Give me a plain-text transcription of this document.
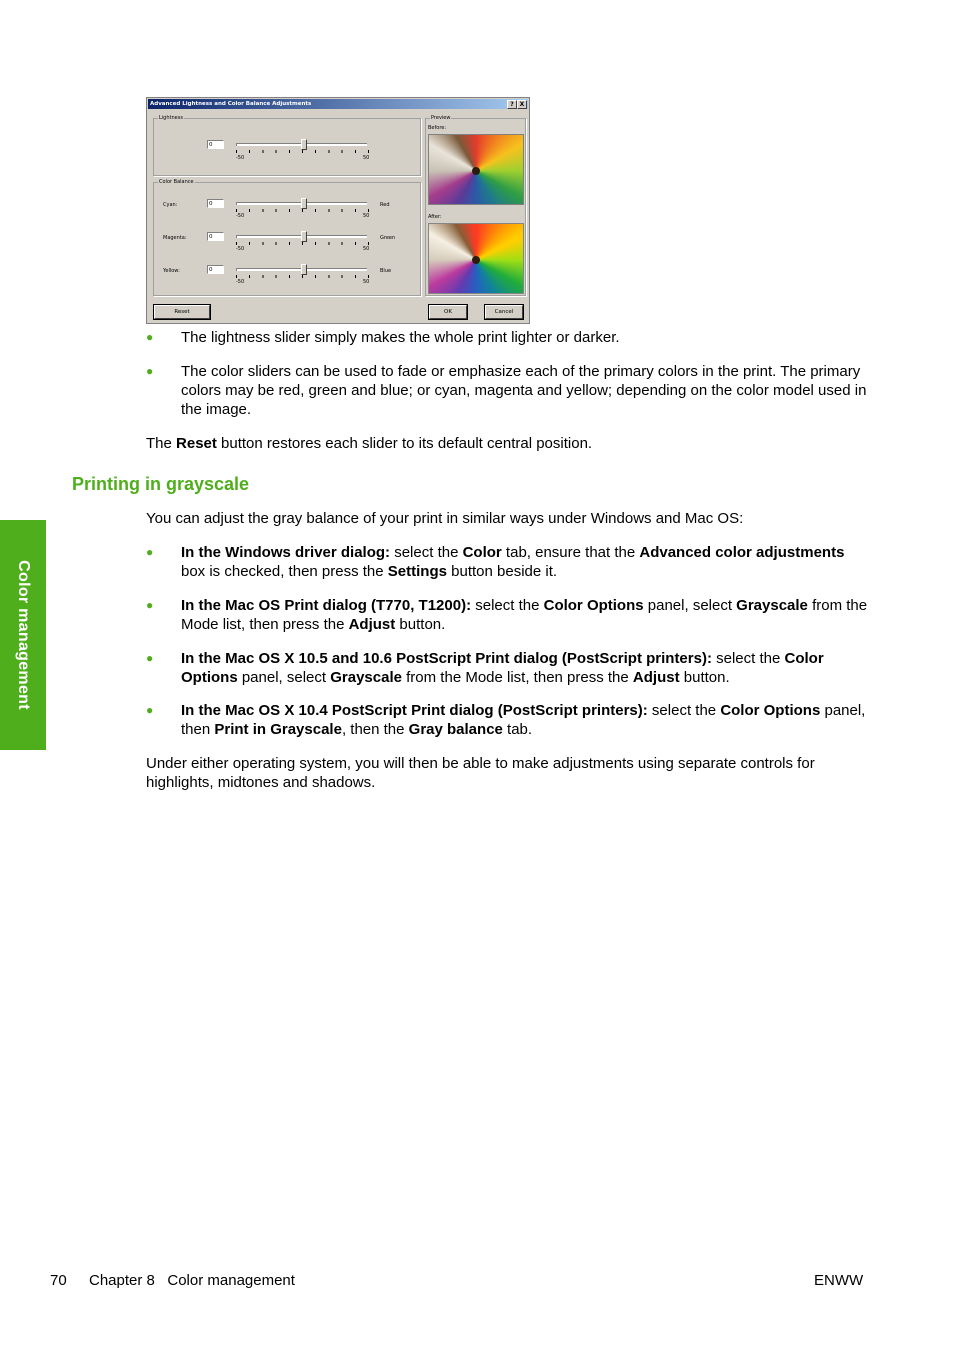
Color management
Advanced Lightness and Color Balance Adjustments	? X
Lightness
0
-50	50
Color Balance
Cyan:	0
-50	50
Red
Magenta:	0
-50	50
Green
Yellow:	0
-50	50
Blue
Preview
Before:
After:
Reset	OK	Cancel
● The lightness slider simply makes the whole print lighter or darker.
● The color sliders can be used to fade or emphasize each of the primary colors in the print. The primary colors may be red, green and blue; or cyan, magenta and yellow; depending on the color model used in the image.
The Reset button restores each slider to its default central position.
Printing in grayscale
You can adjust the gray balance of your print in similar ways under Windows and Mac OS:
● In the Windows driver dialog: select the Color tab, ensure that the Advanced color adjustments box is checked, then press the Settings button beside it.
● In the Mac OS Print dialog (T770, T1200): select the Color Options panel, select Grayscale from the Mode list, then press the Adjust button.
● In the Mac OS X 10.5 and 10.6 PostScript Print dialog (PostScript printers): select the Color Options panel, select Grayscale from the Mode list, then press the Adjust button.
● In the Mac OS X 10.4 PostScript Print dialog (PostScript printers): select the Color Options panel, then Print in Grayscale, then the Gray balance tab.
Under either operating system, you will then be able to make adjustments using separate controls for highlights, midtones and shadows.
70 Chapter 8   Color management	ENWW
